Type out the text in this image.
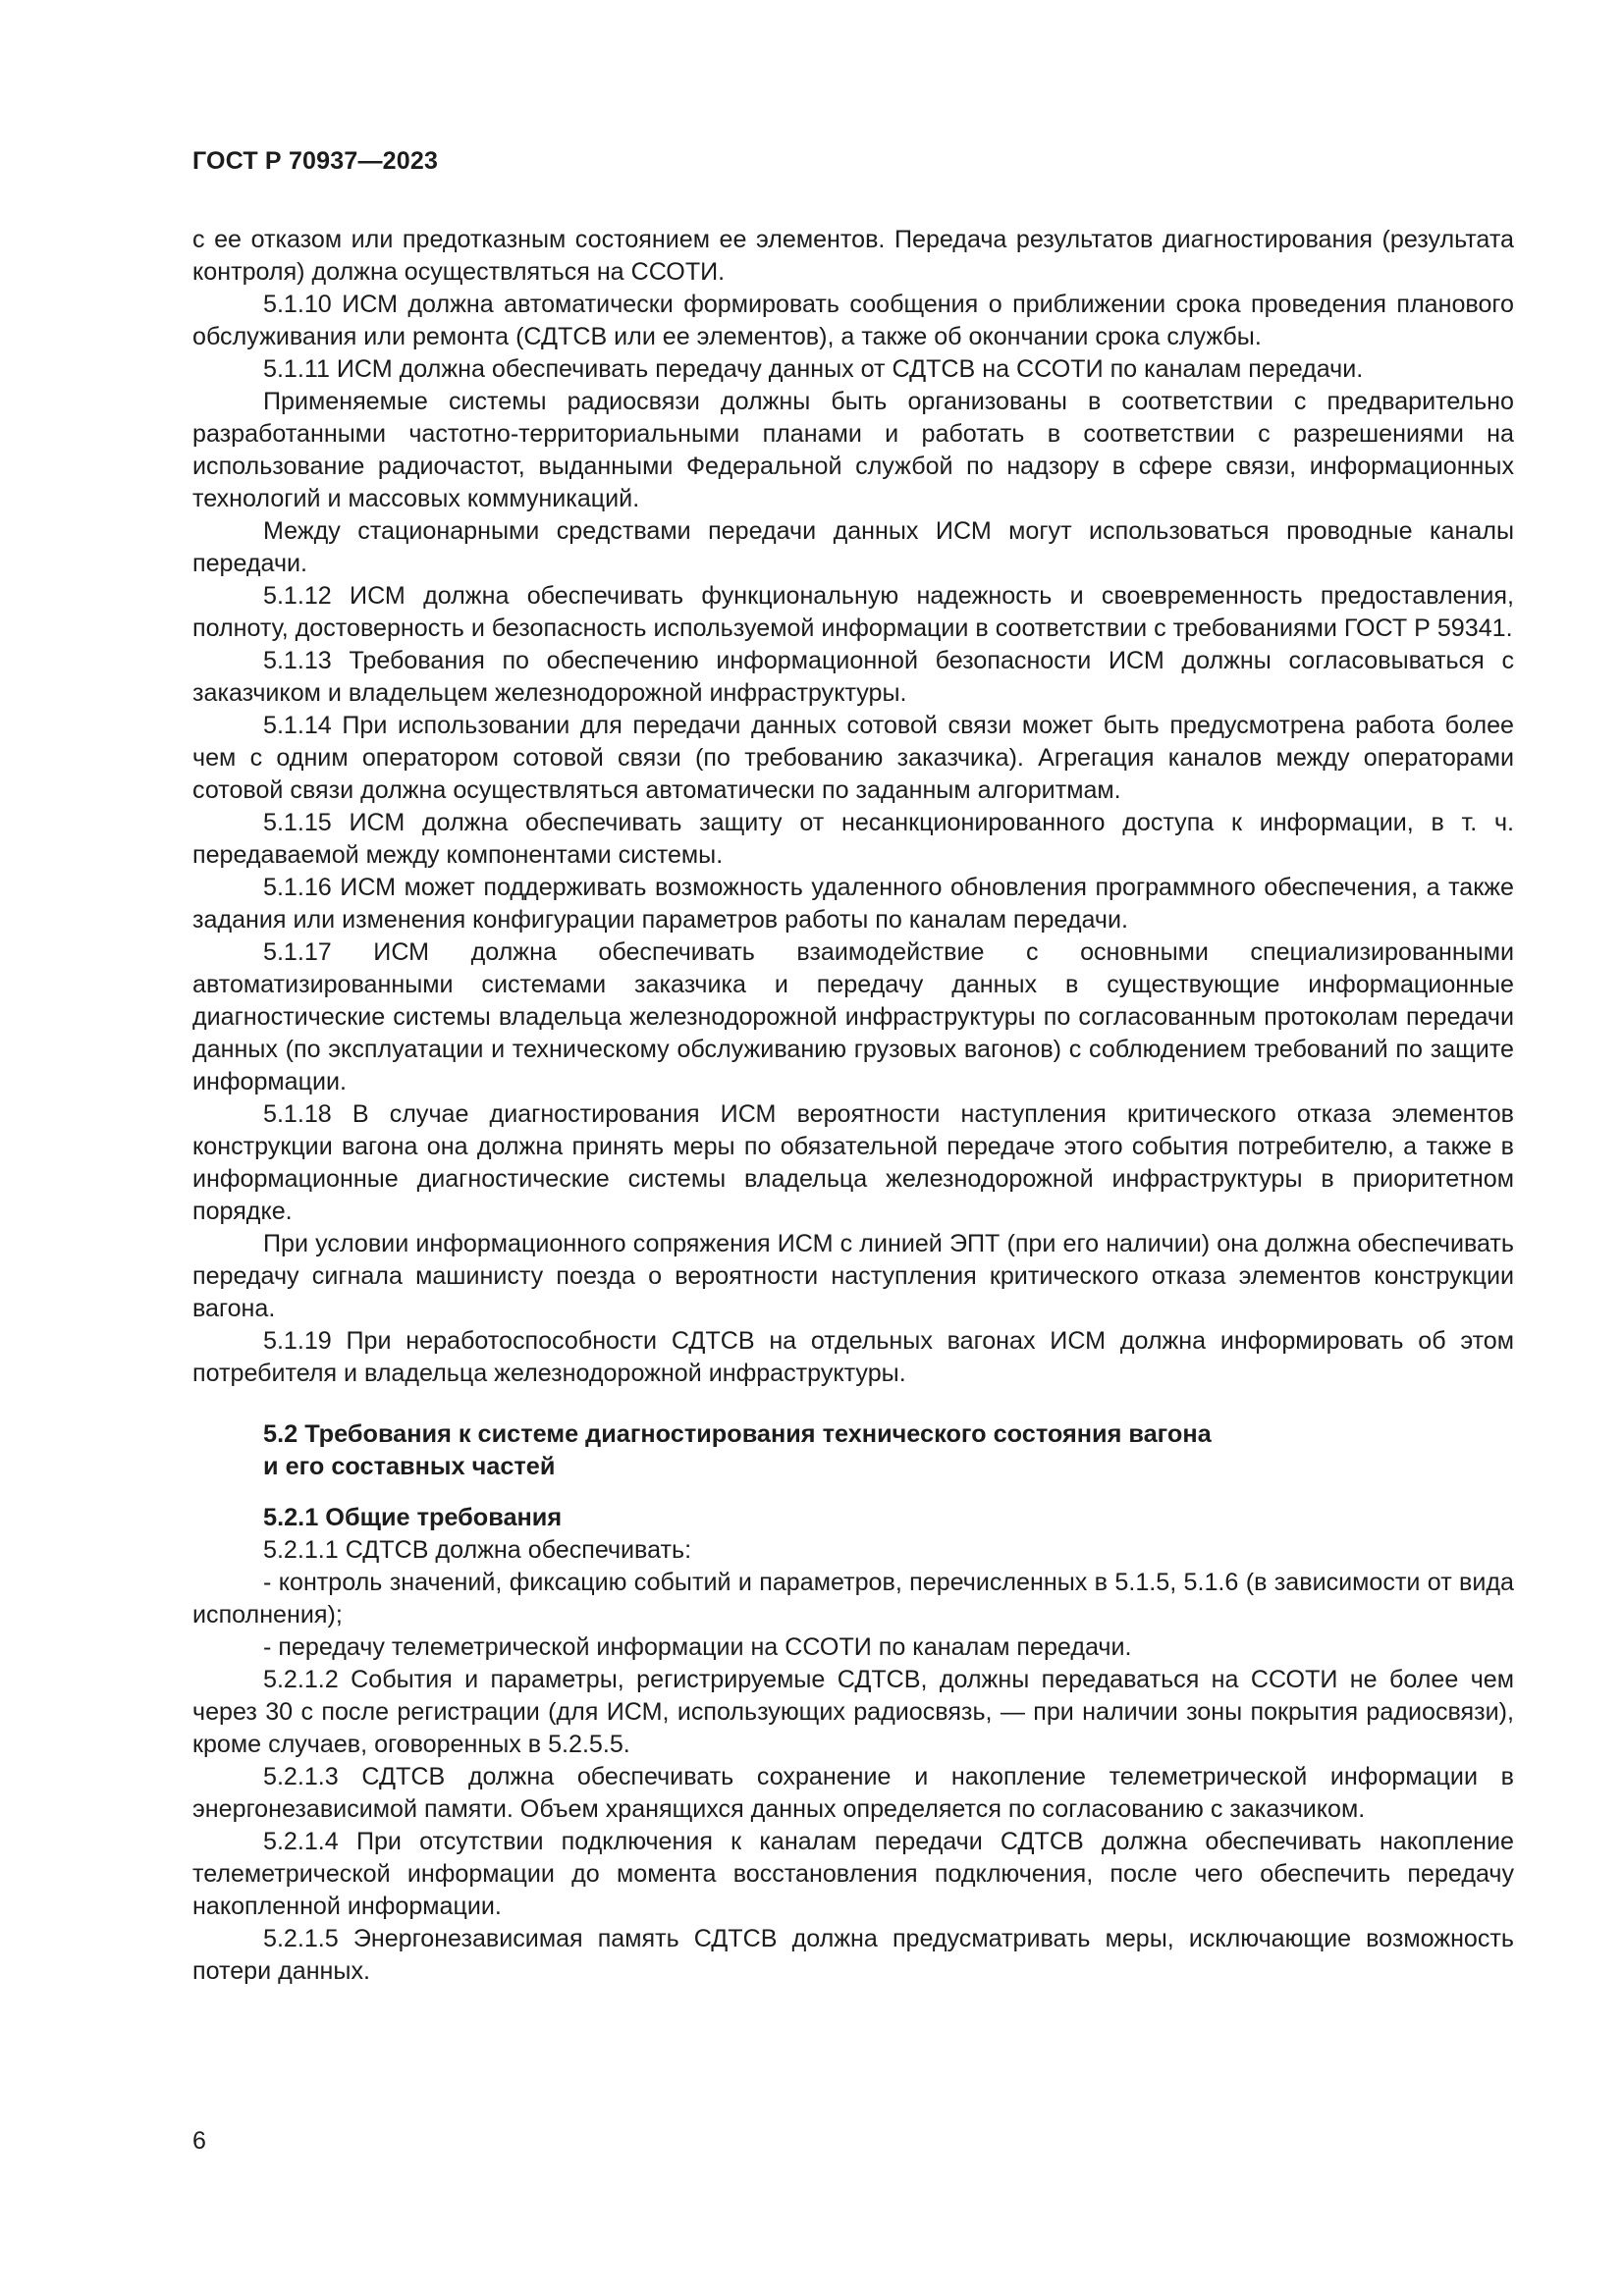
ГОСТ Р 70937—2023

с ее отказом или предотказным состоянием ее элементов. Передача результатов диагностирования (результата контроля) должна осуществляться на ССОТИ.

5.1.10 ИСМ должна автоматически формировать сообщения о приближении срока проведения планового обслуживания или ремонта (СДТСВ или ее элементов), а также об окончании срока службы.

5.1.11 ИСМ должна обеспечивать передачу данных от СДТСВ на ССОТИ по каналам передачи.

Применяемые системы радиосвязи должны быть организованы в соответствии с предварительно разработанными частотно-территориальными планами и работать в соответствии с разрешениями на использование радиочастот, выданными Федеральной службой по надзору в сфере связи, информационных технологий и массовых коммуникаций.

Между стационарными средствами передачи данных ИСМ могут использоваться проводные каналы передачи.

5.1.12 ИСМ должна обеспечивать функциональную надежность и своевременность предоставления, полноту, достоверность и безопасность используемой информации в соответствии с требованиями ГОСТ Р 59341.

5.1.13 Требования по обеспечению информационной безопасности ИСМ должны согласовываться с заказчиком и владельцем железнодорожной инфраструктуры.

5.1.14 При использовании для передачи данных сотовой связи может быть предусмотрена работа более чем с одним оператором сотовой связи (по требованию заказчика). Агрегация каналов между операторами сотовой связи должна осуществляться автоматически по заданным алгоритмам.

5.1.15 ИСМ должна обеспечивать защиту от несанкционированного доступа к информации, в т. ч. передаваемой между компонентами системы.

5.1.16 ИСМ может поддерживать возможность удаленного обновления программного обеспечения, а также задания или изменения конфигурации параметров работы по каналам передачи.

5.1.17 ИСМ должна обеспечивать взаимодействие с основными специализированными автоматизированными системами заказчика и передачу данных в существующие информационные диагностические системы владельца железнодорожной инфраструктуры по согласованным протоколам передачи данных (по эксплуатации и техническому обслуживанию грузовых вагонов) с соблюдением требований по защите информации.

5.1.18 В случае диагностирования ИСМ вероятности наступления критического отказа элементов конструкции вагона она должна принять меры по обязательной передаче этого события потребителю, а также в информационные диагностические системы владельца железнодорожной инфраструктуры в приоритетном порядке.

При условии информационного сопряжения ИСМ с линией ЭПТ (при его наличии) она должна обеспечивать передачу сигнала машинисту поезда о вероятности наступления критического отказа элементов конструкции вагона.

5.1.19 При неработоспособности СДТСВ на отдельных вагонах ИСМ должна информировать об этом потребителя и владельца железнодорожной инфраструктуры.

5.2 Требования к системе диагностирования технического состояния вагона
и его составных частей
5.2.1 Общие требования

5.2.1.1 СДТСВ должна обеспечивать:

- контроль значений, фиксацию событий и параметров, перечисленных в 5.1.5, 5.1.6 (в зависимости от вида исполнения);

- передачу телеметрической информации на ССОТИ по каналам передачи.

5.2.1.2 События и параметры, регистрируемые СДТСВ, должны передаваться на ССОТИ не более чем через 30 с после регистрации (для ИСМ, использующих радиосвязь, — при наличии зоны покрытия радиосвязи), кроме случаев, оговоренных в 5.2.5.5.

5.2.1.3 СДТСВ должна обеспечивать сохранение и накопление телеметрической информации в энергонезависимой памяти. Объем хранящихся данных определяется по согласованию с заказчиком.

5.2.1.4 При отсутствии подключения к каналам передачи СДТСВ должна обеспечивать накопление телеметрической информации до момента восстановления подключения, после чего обеспечить передачу накопленной информации.

5.2.1.5 Энергонезависимая память СДТСВ должна предусматривать меры, исключающие возможность потери данных.

6
